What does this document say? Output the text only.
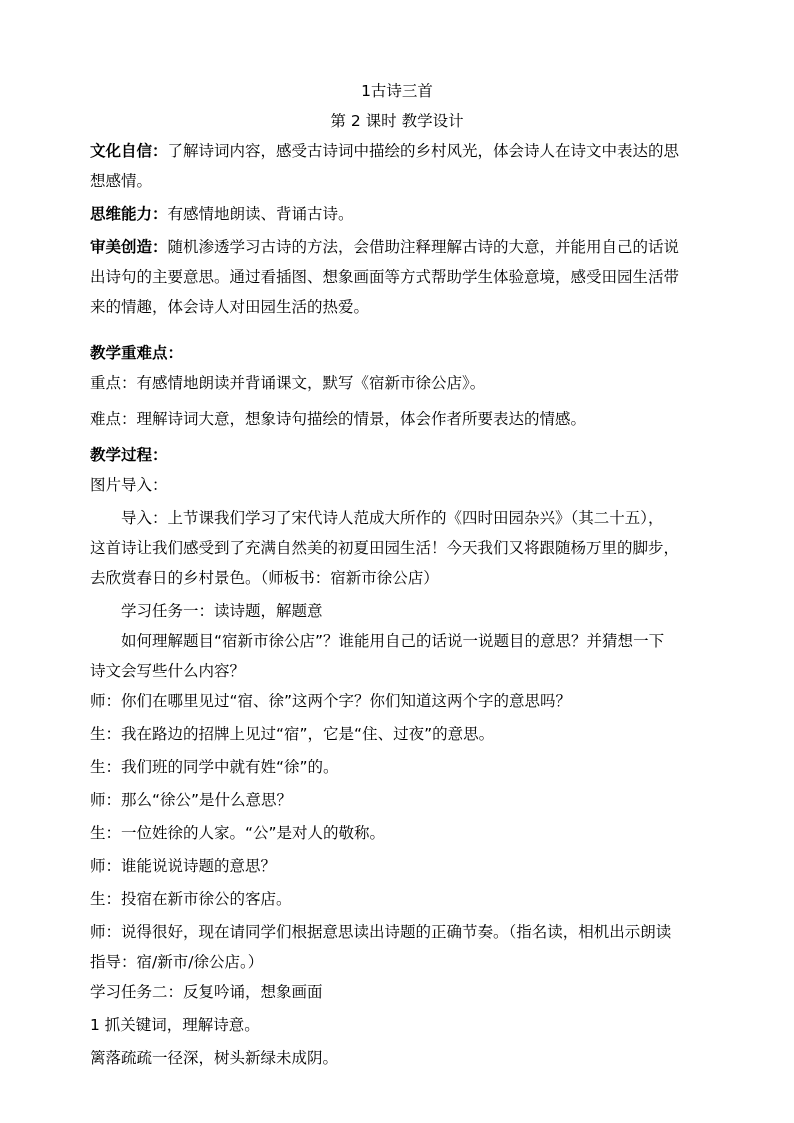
1古诗三首
第 2 课时 教学设计
文化自信：了解诗词内容，感受古诗词中描绘的乡村风光，体会诗人在诗文中表达的思
想感情。
思维能力：有感情地朗读、背诵古诗。
审美创造：随机渗透学习古诗的方法，会借助注释理解古诗的大意，并能用自己的话说
出诗句的主要意思。通过看插图、想象画面等方式帮助学生体验意境，感受田园生活带
来的情趣，体会诗人对田园生活的热爱。
教学重难点：
重点：有感情地朗读并背诵课文，默写《宿新市徐公店》。
难点：理解诗词大意，想象诗句描绘的情景，体会作者所要表达的情感。
教学过程：
图片导入：
导入：上节课我们学习了宋代诗人范成大所作的《四时田园杂兴》（其二十五），
这首诗让我们感受到了充满自然美的初夏田园生活！今天我们又将跟随杨万里的脚步，
去欣赏春日的乡村景色。（师板书：宿新市徐公店）
学习任务一：读诗题，解题意
如何理解题目“宿新市徐公店”？谁能用自己的话说一说题目的意思？并猜想一下
诗文会写些什么内容？
师：你们在哪里见过“宿、徐”这两个字？你们知道这两个字的意思吗？
生：我在路边的招牌上见过“宿”，它是“住、过夜”的意思。
生：我们班的同学中就有姓“徐”的。
师：那么“徐公”是什么意思？
生：一位姓徐的人家。“公”是对人的敬称。
师：谁能说说诗题的意思？
生：投宿在新市徐公的客店。
师：说得很好，现在请同学们根据意思读出诗题的正确节奏。（指名读，相机出示朗读
指导：宿/新市/徐公店。）
学习任务二：反复吟诵，想象画面
1 抓关键词，理解诗意。
篱落疏疏一径深，树头新绿未成阴。
